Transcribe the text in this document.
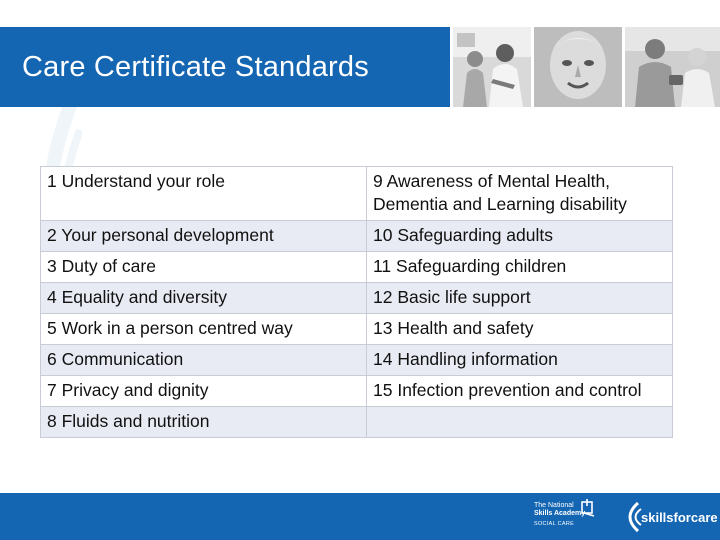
Care Certificate Standards
1 Understand your role	9 Awareness of Mental Health, Dementia and Learning disability
2 Your personal development	10 Safeguarding adults
3 Duty of care	11 Safeguarding children
4 Equality and diversity	12 Basic life support
5 Work in a person centred way	13 Health and safety
6 Communication	14 Handling information
7 Privacy and dignity	15 Infection prevention and control
8 Fluids and nutrition	
The National
Skills Academy
SOCIAL CARE	skillsforcare
